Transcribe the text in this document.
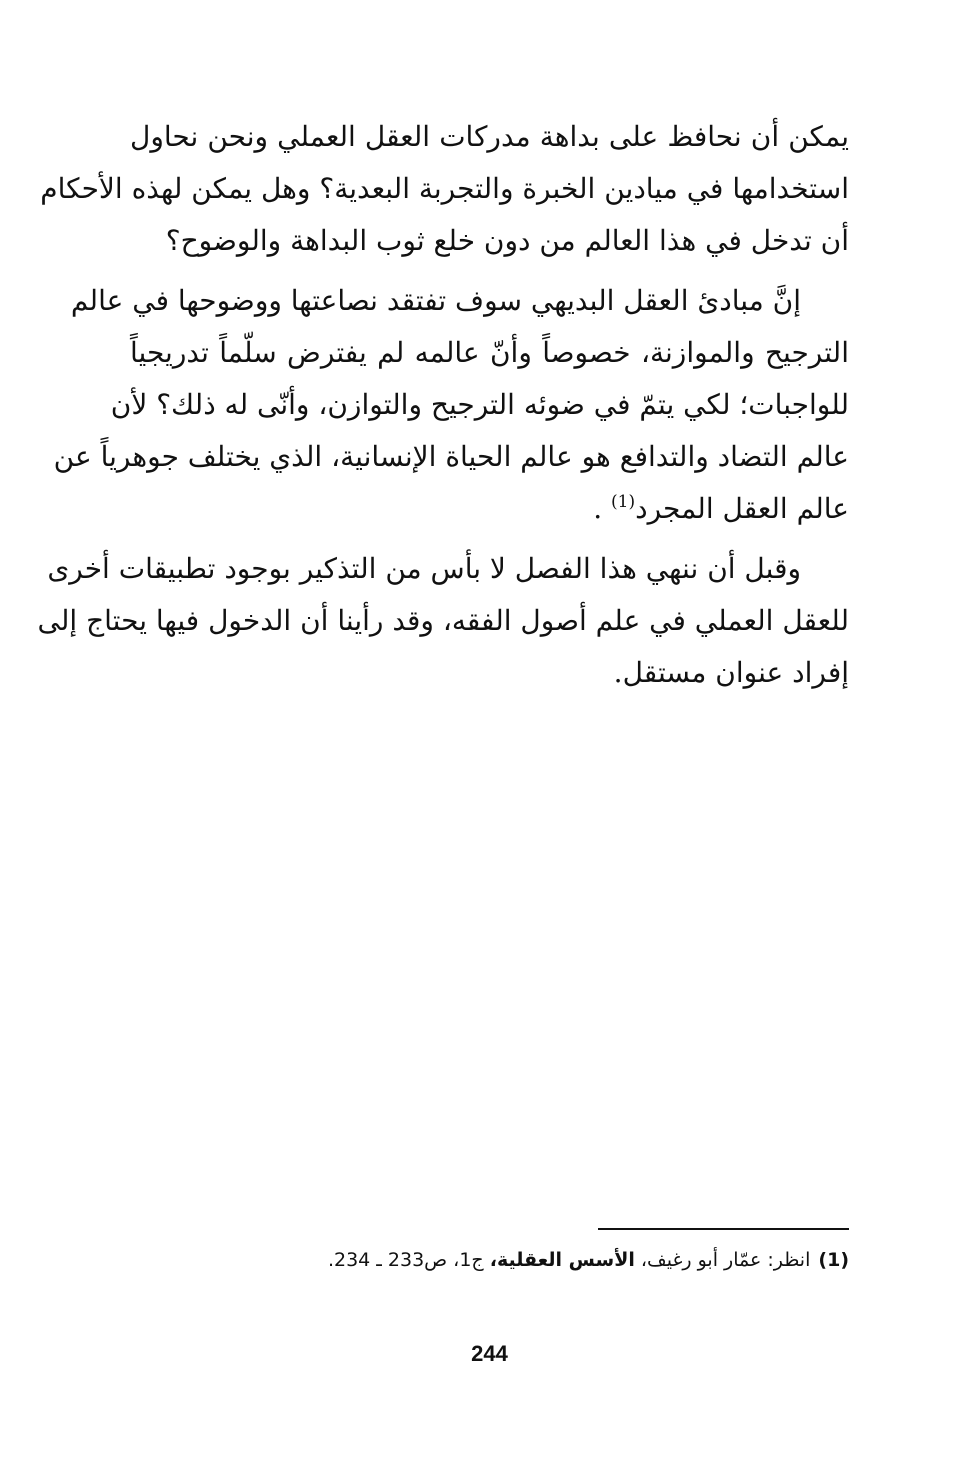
يمكن أن نحافظ على بداهة مدركات العقل العملي ونحن نحاول
استخدامها في ميادين الخبرة والتجربة البعدية؟ وهل يمكن لهذه الأحكام
أن تدخل في هذا العالم من دون خلع ثوب البداهة والوضوح؟
إنَّ مبادئ العقل البديهي سوف تفتقد نصاعتها ووضوحها في عالم
الترجيح والموازنة، خصوصاً وأنّ عالمه لم يفترض سلّماً تدريجياً
للواجبات؛ لكي يتمّ في ضوئه الترجيح والتوازن، وأنّى له ذلك؟ لأن
عالم التضاد والتدافع هو عالم الحياة الإنسانية، الذي يختلف جوهرياً عن
عالم العقل المجرد$^{(1)}$ .
وقبل أن ننهي هذا الفصل لا بأس من التذكير بوجود تطبيقات أخرى
للعقل العملي في علم أصول الفقه، وقد رأينا أن الدخول فيها يحتاج إلى
إفراد عنوان مستقل.
(1)انظر: عمّار أبو رغيف، الأسس العقلية، ج1، ص233 ـ 234.
244
